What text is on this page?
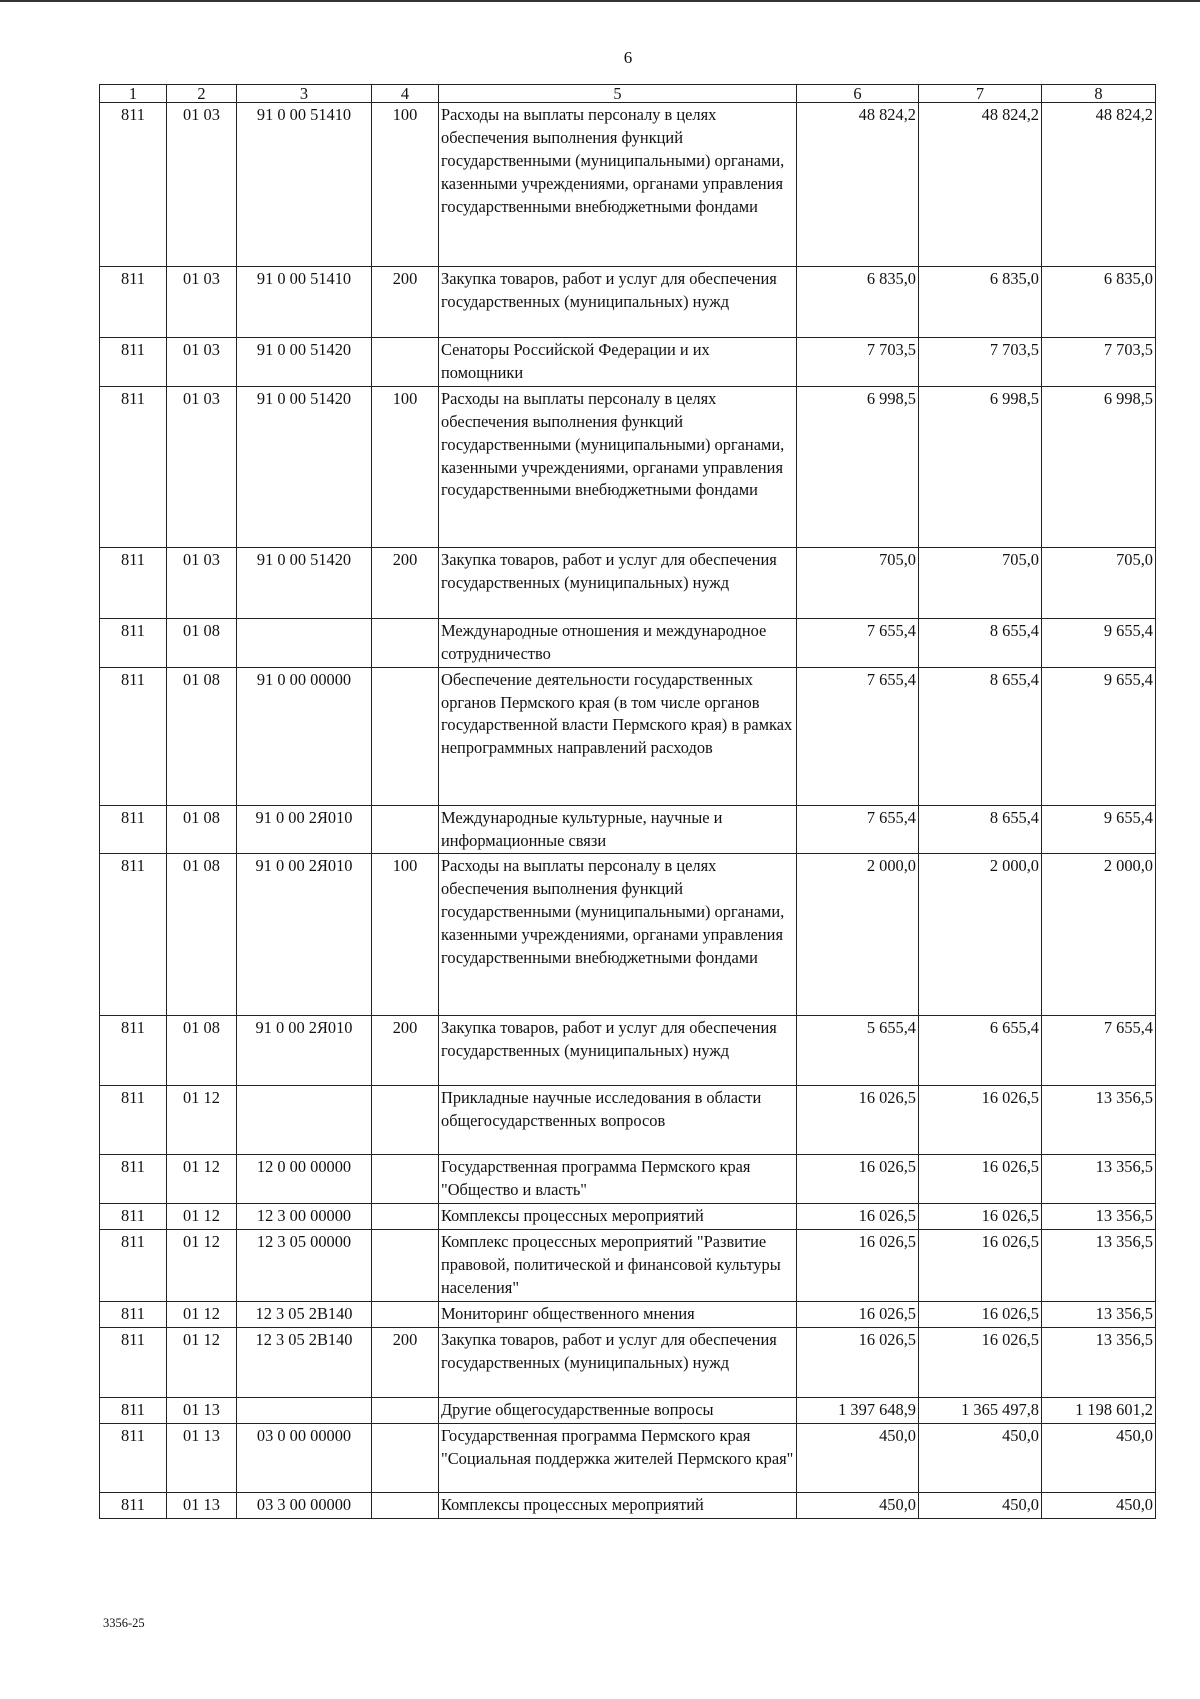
6
1	2	3	4	5	6	7	8
811	01 03	91 0 00 51410	100	Расходы на выплаты персоналу в целях обеспечения выполнения функций государственными (муниципальными) органами, казенными учреждениями, органами управления государственными внебюджетными фондами	48 824,2	48 824,2	48 824,2
811	01 03	91 0 00 51410	200	Закупка товаров, работ и услуг для обеспечения государственных (муниципальных) нужд	6 835,0	6 835,0	6 835,0
811	01 03	91 0 00 51420		Сенаторы Российской Федерации и их помощники	7 703,5	7 703,5	7 703,5
811	01 03	91 0 00 51420	100	Расходы на выплаты персоналу в целях обеспечения выполнения функций государственными (муниципальными) органами, казенными учреждениями, органами управления государственными внебюджетными фондами	6 998,5	6 998,5	6 998,5
811	01 03	91 0 00 51420	200	Закупка товаров, работ и услуг для обеспечения государственных (муниципальных) нужд	705,0	705,0	705,0
811	01 08			Международные отношения и международное сотрудничество	7 655,4	8 655,4	9 655,4
811	01 08	91 0 00 00000		Обеспечение деятельности государственных органов Пермского края (в том числе органов государственной власти Пермского края) в рамках непрограммных направлений расходов	7 655,4	8 655,4	9 655,4
811	01 08	91 0 00 2Я010		Международные культурные, научные и информационные связи	7 655,4	8 655,4	9 655,4
811	01 08	91 0 00 2Я010	100	Расходы на выплаты персоналу в целях обеспечения выполнения функций государственными (муниципальными) органами, казенными учреждениями, органами управления государственными внебюджетными фондами	2 000,0	2 000,0	2 000,0
811	01 08	91 0 00 2Я010	200	Закупка товаров, работ и услуг для обеспечения государственных (муниципальных) нужд	5 655,4	6 655,4	7 655,4
811	01 12			Прикладные научные исследования в области общегосударственных вопросов	16 026,5	16 026,5	13 356,5
811	01 12	12 0 00 00000		Государственная программа Пермского края "Общество и власть"	16 026,5	16 026,5	13 356,5
811	01 12	12 3 00 00000		Комплексы процессных мероприятий	16 026,5	16 026,5	13 356,5
811	01 12	12 3 05 00000		Комплекс процессных мероприятий "Развитие правовой, политической и финансовой культуры населения"	16 026,5	16 026,5	13 356,5
811	01 12	12 3 05 2В140		Мониторинг общественного мнения	16 026,5	16 026,5	13 356,5
811	01 12	12 3 05 2В140	200	Закупка товаров, работ и услуг для обеспечения государственных (муниципальных) нужд	16 026,5	16 026,5	13 356,5
811	01 13			Другие общегосударственные вопросы	1 397 648,9	1 365 497,8	1 198 601,2
811	01 13	03 0 00 00000		Государственная программа Пермского края "Социальная поддержка жителей Пермского края"	450,0	450,0	450,0
811	01 13	03 3 00 00000		Комплексы процессных мероприятий	450,0	450,0	450,0
3356-25
